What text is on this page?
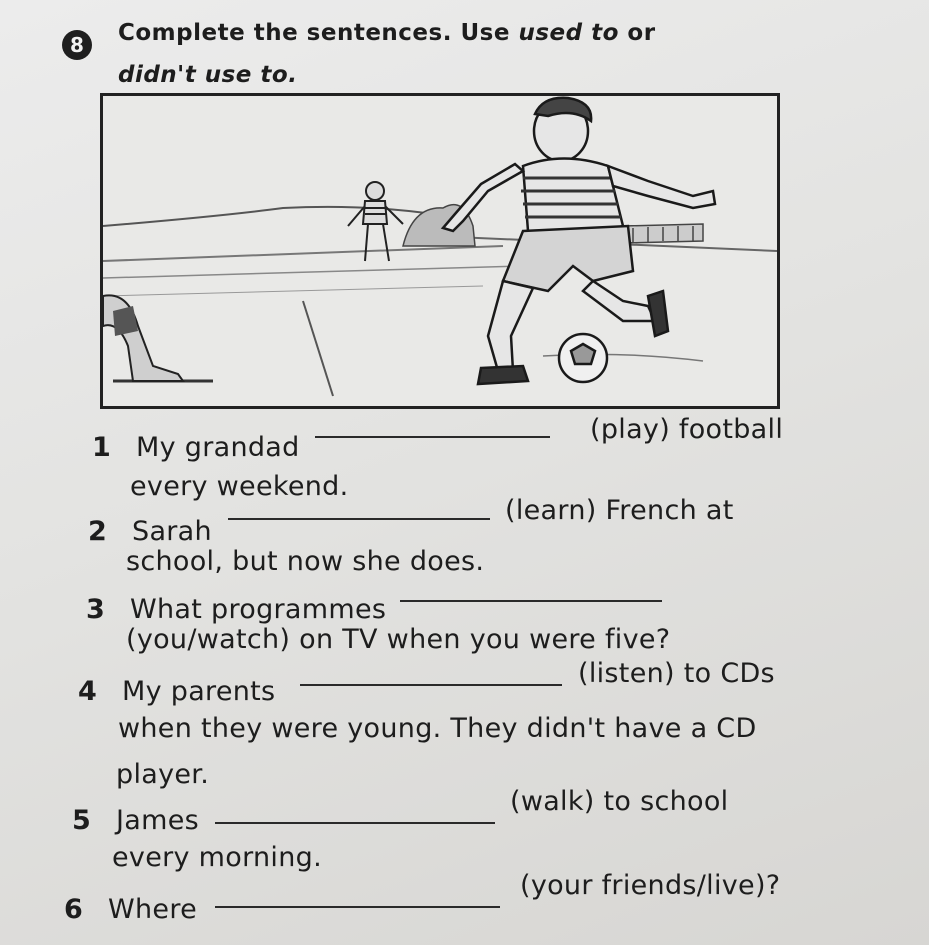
8	Complete the sentences. Use used to or
didn't use to.
1 My grandad
(play) football
every weekend.
2 Sarah
(learn) French at
school, but now she does.
3 What programmes
(you/watch) on TV when you were five?
4 My parents
(listen) to CDs
when they were young. They didn't have a CD
player.
5 James
(walk) to school
every morning.
6 Where
(your friends/live)?
